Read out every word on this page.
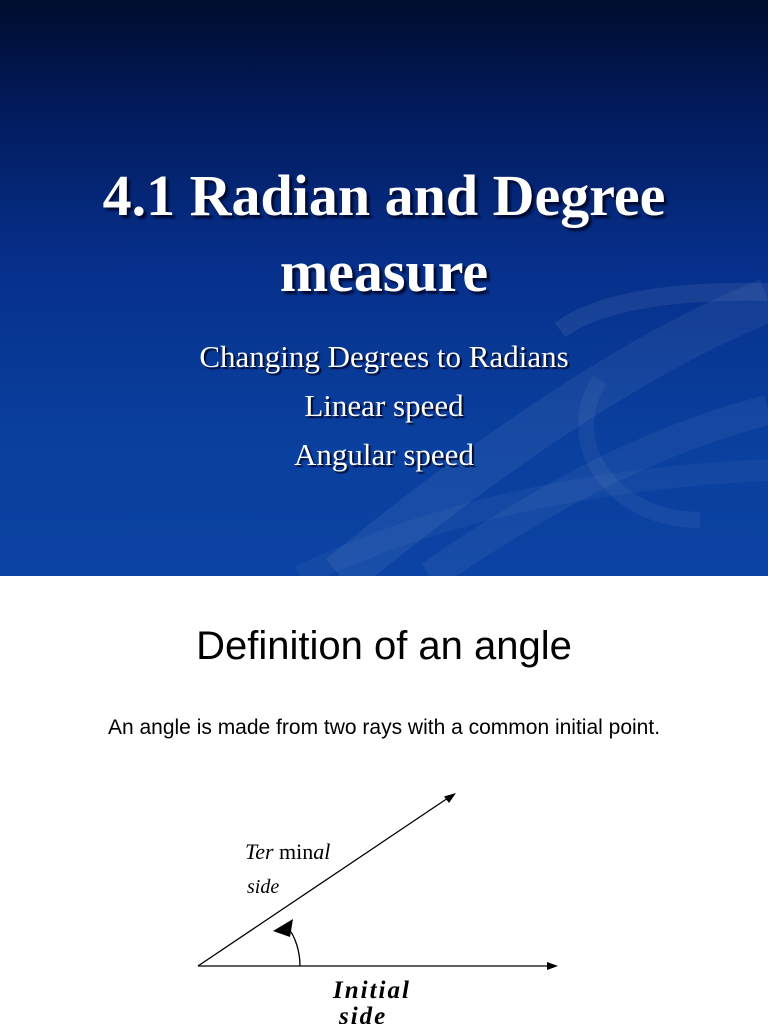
4.1 Radian and Degree
measure
Changing Degrees to Radians
Linear speed
Angular speed
Definition of an angle
An angle is made from two rays with a common initial point.
Ter minal
side
Initial
side
